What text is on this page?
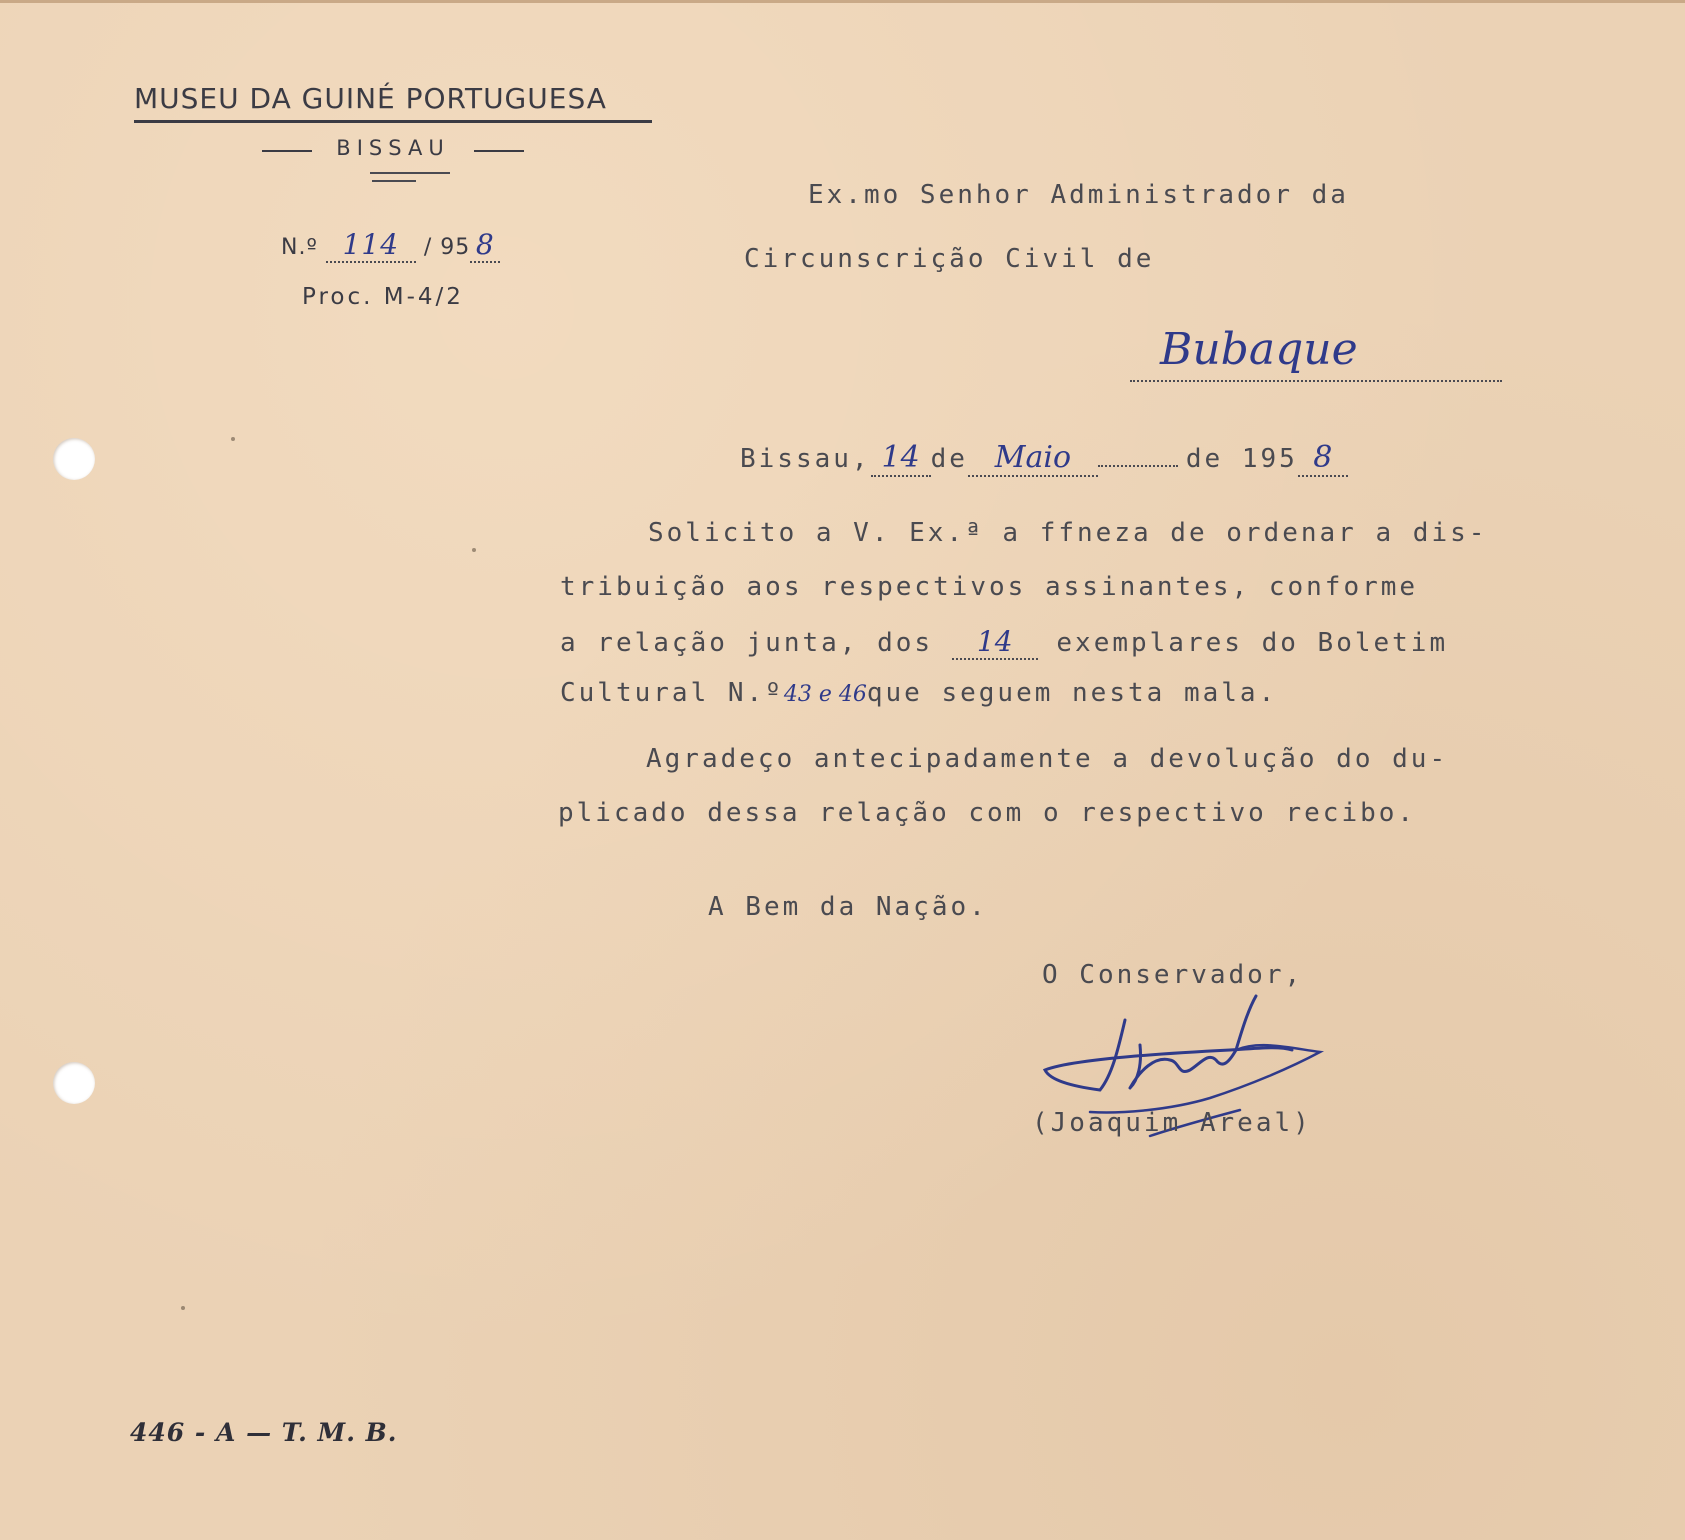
MUSEU DA GUINÉ PORTUGUESA
BISSAU
N.º 114 / 95 8
Proc. M-4/2
Ex.mo Senhor Administrador da
Circunscrição Civil de
Bubaque
Bissau, 14 de Maio	de 195 8
Solicito a V. Ex.ª a ffneza de ordenar a dis-
tribuição aos respectivos assinantes, conforme
a relação junta, dos 14 exemplares do Boletim
Cultural N.º43 e 46que seguem nesta mala.
Agradeço antecipadamente a devolução do du-
plicado dessa relação com o respectivo recibo.
A Bem da Nação.
O Conservador,
(Joaquim Areal)
446 - A — T. M. B.
